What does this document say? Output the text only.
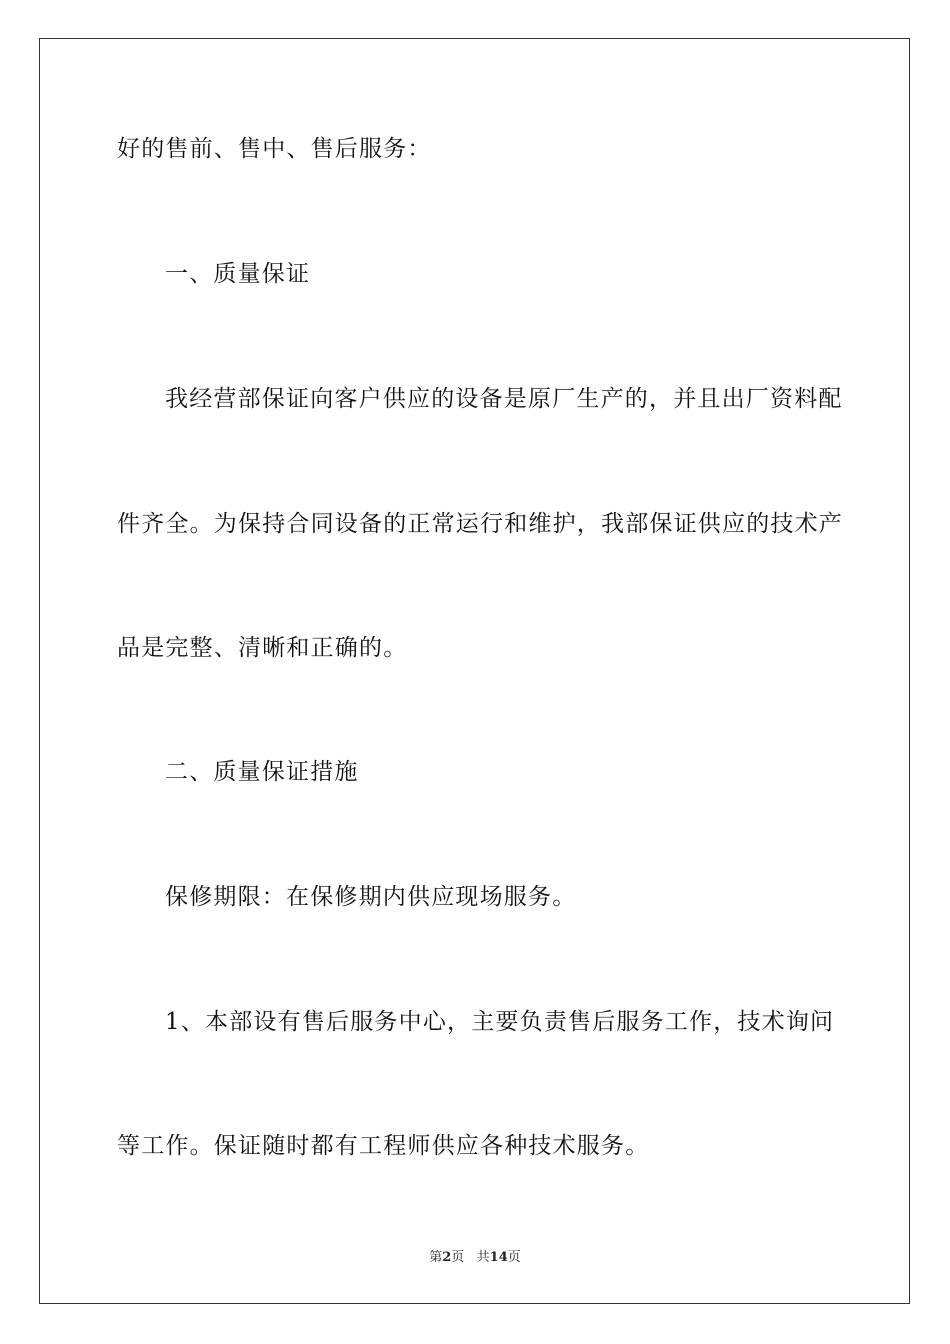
好的售前、售中、售后服务：
一、质量保证
我经营部保证向客户供应的设备是原厂生产的，并且出厂资料配
件齐全。为保持合同设备的正常运行和维护，我部保证供应的技术产
品是完整、清晰和正确的。
二、质量保证措施
保修期限：在保修期内供应现场服务。
1、本部设有售后服务中心，主要负责售后服务工作，技术询问
等工作。保证随时都有工程师供应各种技术服务。
第2页   共14页
